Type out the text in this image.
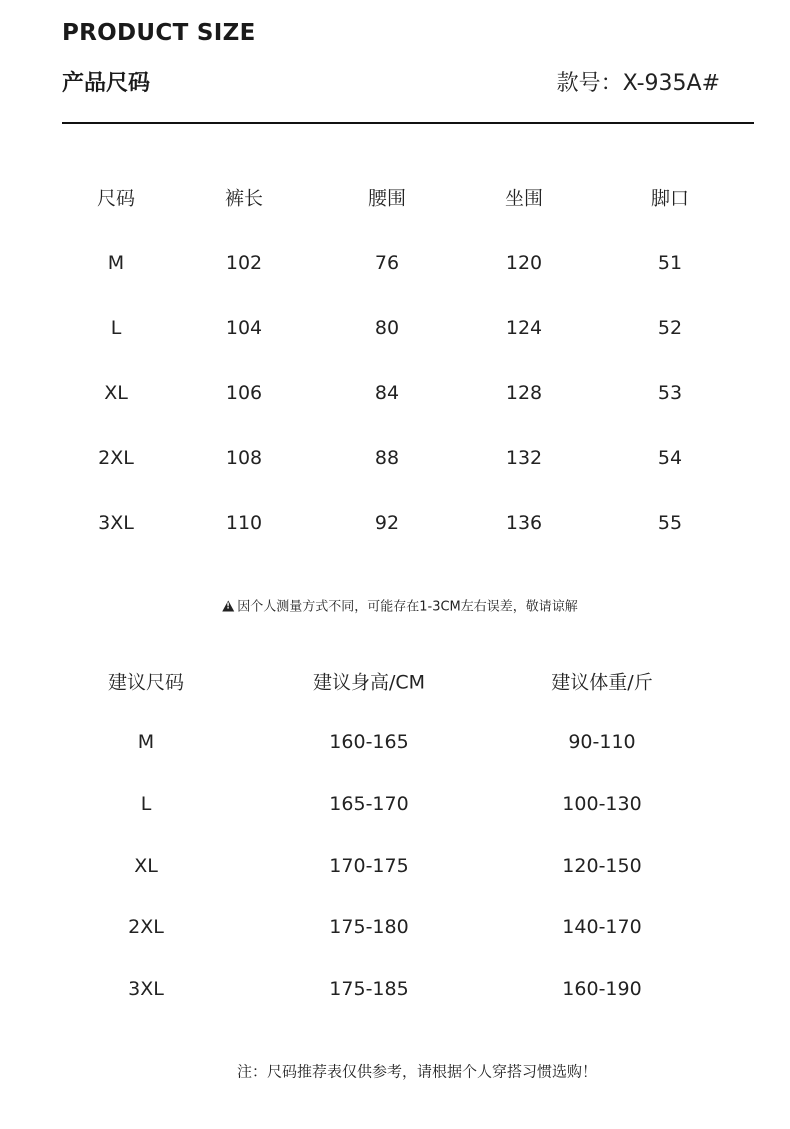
PRODUCT SIZE
产品尺码	款号：X-935A#
尺码	裤长	腰围	坐围	脚口
M	102	76	120	51
L	104	80	124	52
XL	106	84	128	53
2XL	108	88	132	54
3XL	110	92	136	55
!因个人测量方式不同，可能存在1-3CM左右误差，敬请谅解
建议尺码	建议身高/CM	建议体重/斤
M	160-165	90-110
L	165-170	100-130
XL	170-175	120-150
2XL	175-180	140-170
3XL	175-185	160-190
注：尺码推荐表仅供参考，请根据个人穿搭习惯选购！
